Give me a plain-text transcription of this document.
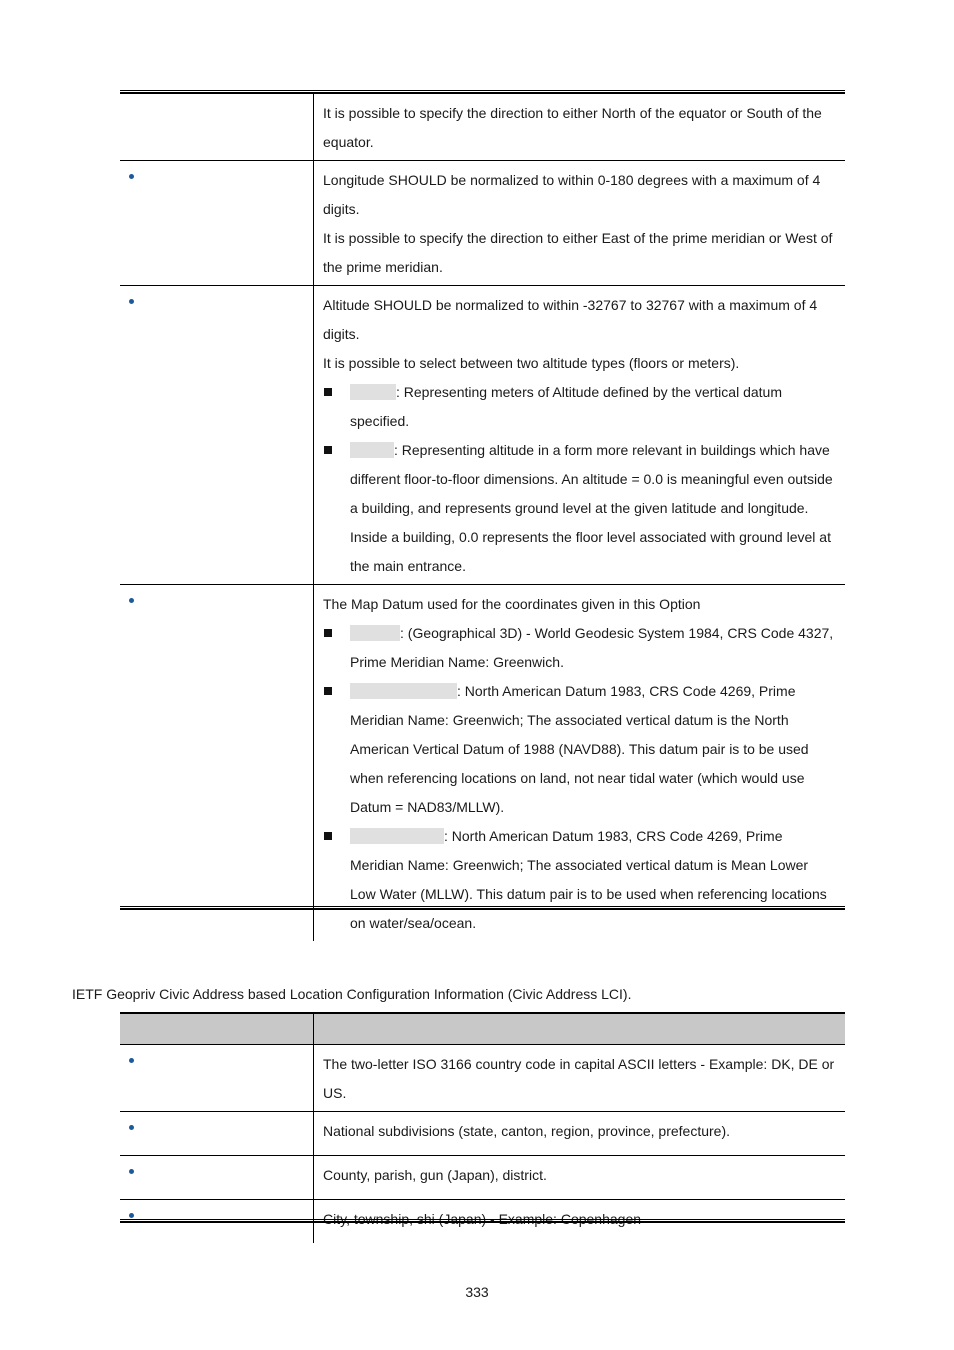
	It is possible to specify the direction to either North of the equator or South of the equator.

	Longitude SHOULD be normalized to within 0-180 degrees with a maximum of 4 digits.
It is possible to specify the direction to either East of the prime meridian or West of the prime meridian.

	Altitude SHOULD be normalized to within -32767 to 32767 with a maximum of 4 digits.
It is possible to select between two altitude types (floors or meters).
: Representing meters of Altitude defined by the vertical datum specified.
: Representing altitude in a form more relevant in buildings which have different floor-to-floor dimensions. An altitude = 0.0 is meaningful even outside a building, and represents ground level at the given latitude and longitude. Inside a building, 0.0 represents the floor level associated with ground level at the main entrance.

	The Map Datum used for the coordinates given in this Option
: (Geographical 3D) - World Geodesic System 1984, CRS Code 4327, Prime Meridian Name: Greenwich.
: North American Datum 1983, CRS Code 4269, Prime Meridian Name: Greenwich; The associated vertical datum is the North American Vertical Datum of 1988 (NAVD88). This datum pair is to be used when referencing locations on land, not near tidal water (which would use Datum = NAD83/MLLW).
: North American Datum 1983, CRS Code 4269, Prime Meridian Name: Greenwich; The associated vertical datum is Mean Lower Low Water (MLLW). This datum pair is to be used when referencing locations on water/sea/ocean.
IETF Geopriv Civic Address based Location Configuration Information (Civic Address LCI).

	The two-letter ISO 3166 country code in capital ASCII letters - Example: DK, DE or US.

	National subdivisions (state, canton, region, province, prefecture).

	County, parish, gun (Japan), district.

	City, township, shi (Japan) - Example: Copenhagen
333
